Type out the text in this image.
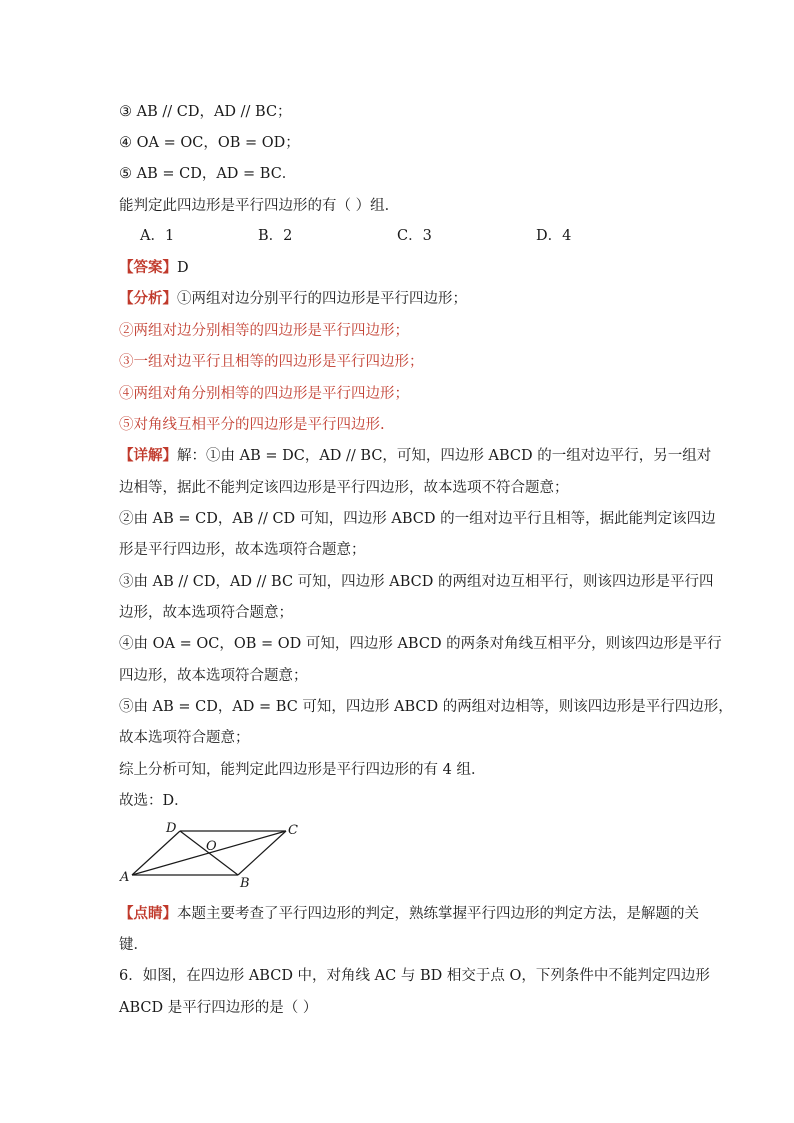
③ AB // CD，AD // BC；
④ OA = OC，OB = OD；
⑤ AB = CD，AD = BC．
能判定此四边形是平行四边形的有（ ）组．
A．1	B．2	C．3	D．4
【答案】D
【分析】①两组对边分别平行的四边形是平行四边形；
②两组对边分别相等的四边形是平行四边形；
③一组对边平行且相等的四边形是平行四边形；
④两组对角分别相等的四边形是平行四边形；
⑤对角线互相平分的四边形是平行四边形.
【详解】解：①由 AB = DC，AD // BC，可知，四边形 ABCD 的一组对边平行，另一组对
边相等，据此不能判定该四边形是平行四边形，故本选项不符合题意；
②由 AB = CD，AB // CD 可知，四边形 ABCD 的一组对边平行且相等，据此能判定该四边
形是平行四边形，故本选项符合题意；
③由 AB // CD，AD // BC 可知，四边形 ABCD 的两组对边互相平行，则该四边形是平行四
边形，故本选项符合题意；
④由 OA = OC，OB = OD 可知，四边形 ABCD 的两条对角线互相平分，则该四边形是平行
四边形，故本选项符合题意；
⑤由 AB = CD，AD = BC 可知，四边形 ABCD 的两组对边相等，则该四边形是平行四边形，
故本选项符合题意；
综上分析可知，能判定此四边形是平行四边形的有 4 组．
故选：D．
A	B
C
D
O
【点睛】本题主要考查了平行四边形的判定，熟练掌握平行四边形的判定方法，是解题的关
键．
6．如图，在四边形 ABCD 中，对角线 AC 与 BD 相交于点 O，下列条件中不能判定四边形
ABCD 是平行四边形的是（ ）
